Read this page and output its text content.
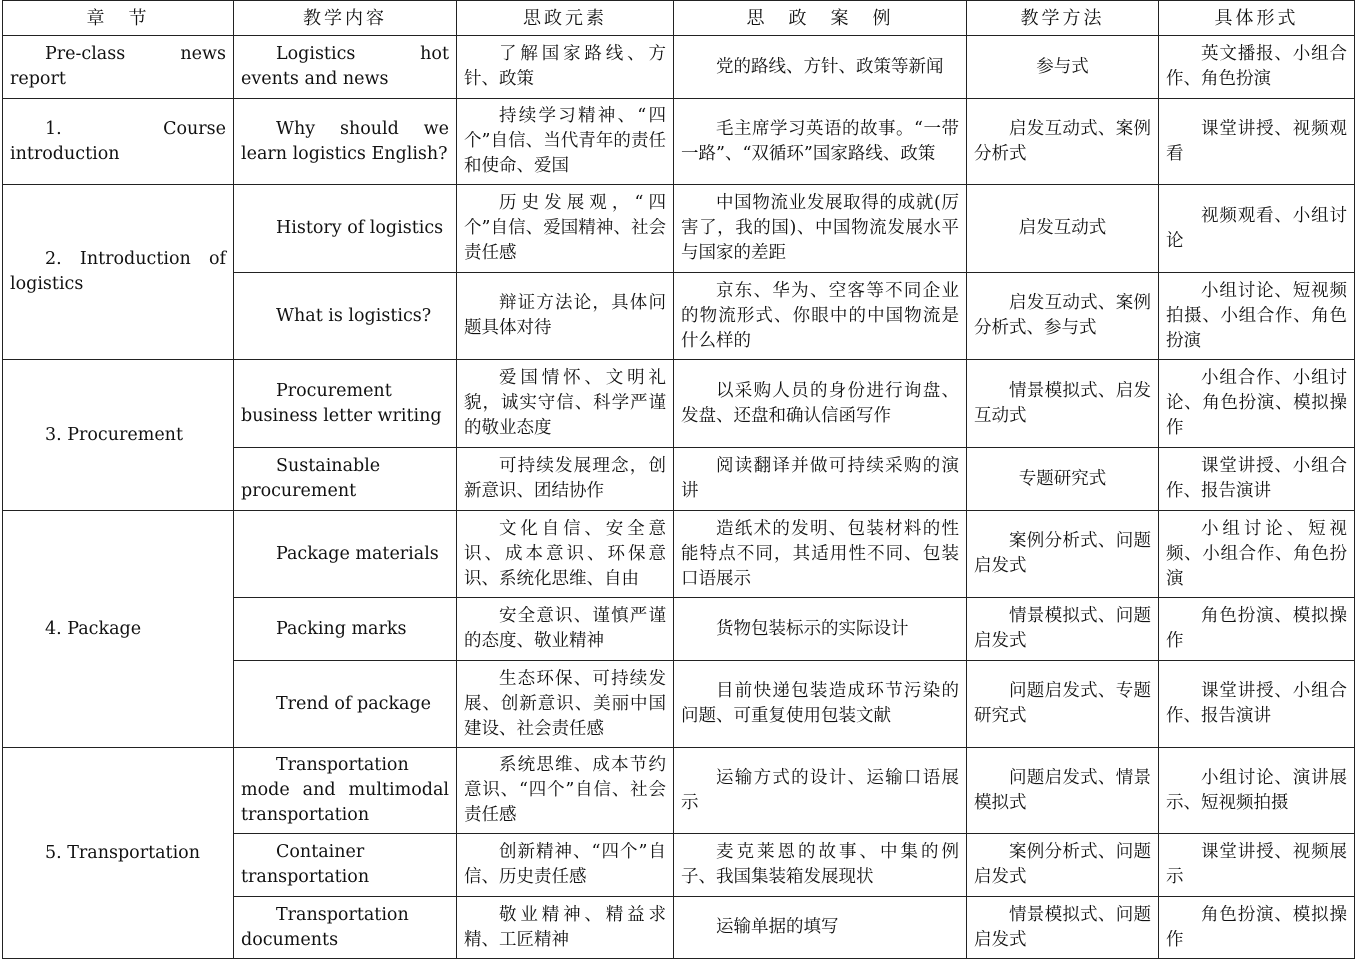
章　节	教学内容	思政元素	思　政　案　例	教学方法	具体形式
Pre-class news report	Logistics hot events and news	了解国家路线、方针、政策	党的路线、方针、政策等新闻	参与式	英文播报、小组合作、角色扮演
1. Course introduction	Why should we learn logistics English?	持续学习精神、“四个”自信、当代青年的责任和使命、爱国	毛主席学习英语的故事。“一带一路”、“双循环”国家路线、政策	启发互动式、案例分析式	课堂讲授、视频观看
2. Introduction of logistics	History of logistics	历史发展观，“四个”自信、爱国精神、社会责任感	中国物流业发展取得的成就(厉害了，我的国)、中国物流发展水平与国家的差距	启发互动式	视频观看、小组讨论
	What is logistics?	辩证方法论，具体问题具体对待	京东、华为、空客等不同企业的物流形式、你眼中的中国物流是什么样的	启发互动式、案例分析式、参与式	小组讨论、短视频拍摄、小组合作、角色扮演
3. Procurement	Procurement business letter writing	爱国情怀、文明礼貌，诚实守信、科学严谨的敬业态度	以采购人员的身份进行询盘、发盘、还盘和确认信函写作	情景模拟式、启发互动式	小组合作、小组讨论、角色扮演、模拟操作
	Sustainable procurement	可持续发展理念，创新意识、团结协作	阅读翻译并做可持续采购的演讲	专题研究式	课堂讲授、小组合作、报告演讲
4. Package	Package materials	文化自信、安全意识、成本意识、环保意识、系统化思维、自由	造纸术的发明、包装材料的性能特点不同，其适用性不同、包装口语展示	案例分析式、问题启发式	小组讨论、短视频、小组合作、角色扮演
	Packing marks	安全意识、谨慎严谨的态度、敬业精神	货物包装标示的实际设计	情景模拟式、问题启发式	角色扮演、模拟操作
	Trend of package	生态环保、可持续发展、创新意识、美丽中国建设、社会责任感	目前快递包装造成环节污染的问题、可重复使用包装文献	问题启发式、专题研究式	课堂讲授、小组合作、报告演讲
5. Transportation	Transportation mode and multimodal transportation	系统思维、成本节约意识、“四个”自信、社会责任感	运输方式的设计、运输口语展示	问题启发式、情景模拟式	小组讨论、演讲展示、短视频拍摄
	Container transportation	创新精神、“四个”自信、历史责任感	麦克莱恩的故事、中集的例子、我国集装箱发展现状	案例分析式、问题启发式	课堂讲授、视频展示
	Transportation documents	敬业精神、精益求精、工匠精神	运输单据的填写	情景模拟式、问题启发式	角色扮演、模拟操作
